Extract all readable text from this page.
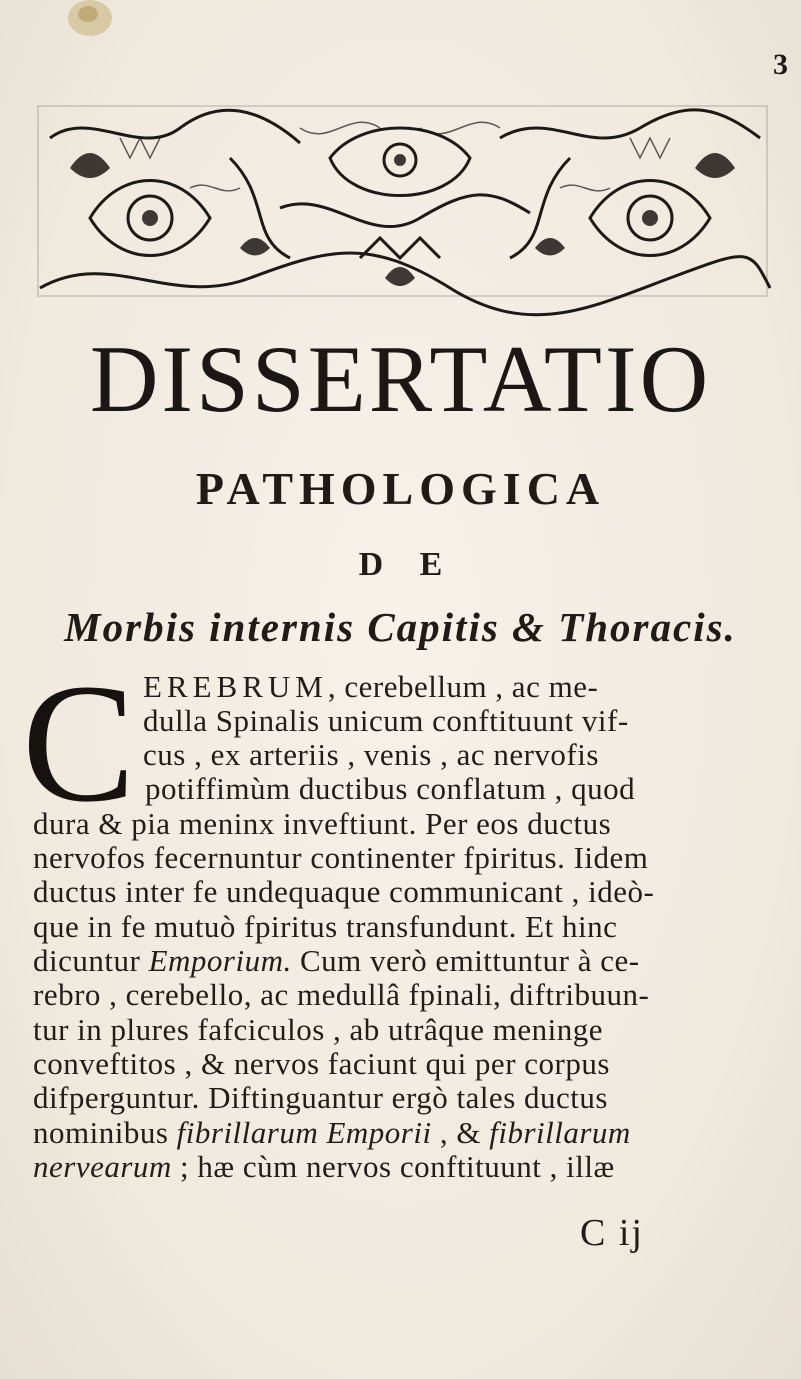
3
DISSERTATIO
PATHOLOGICA
D E
Morbis internis Capitis & Thoracis.
C EREBRUM, cerebellum , ac me-
dulla Spinalis unicum conftituunt vif-
cus , ex arteriis , venis , ac nervofis
potiffimùm ductibus conflatum , quod
dura & pia meninx inveftiunt. Per eos ductus
nervofos fecernuntur continenter fpiritus. Iidem
ductus inter fe undequaque communicant , ideò-
que in fe mutuò fpiritus transfundunt. Et hinc
dicuntur Emporium. Cum verò emittuntur à ce-
rebro , cerebello, ac medullâ fpinali, diftribuun-
tur in plures fafciculos , ab utrâque meninge
conveftitos , & nervos faciunt qui per corpus
difperguntur. Diftinguantur ergò tales ductus
nominibus fibrillarum Emporii , & fibrillarum
nervearum ; hæ cùm nervos conftituunt , illæ
C ij
